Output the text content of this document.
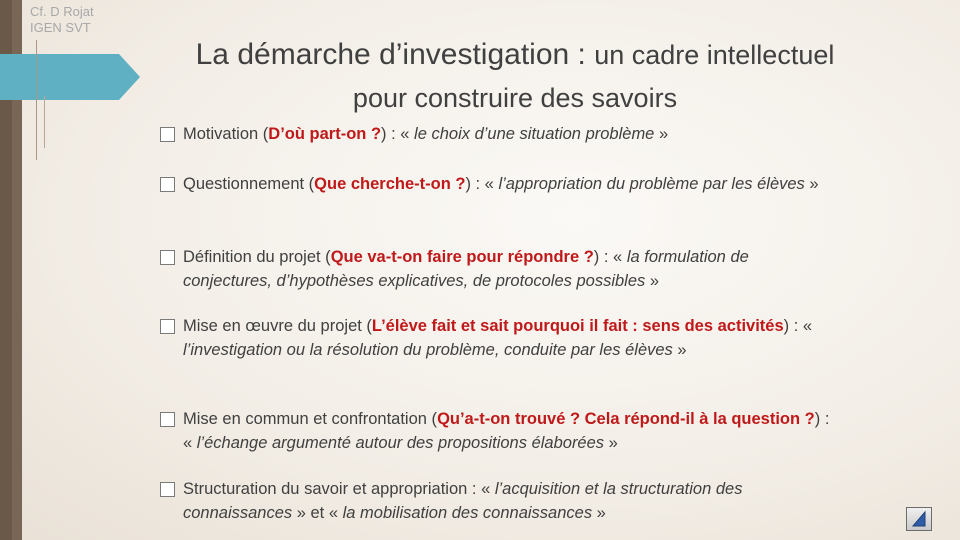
Cf. D Rojat
IGEN SVT
La démarche d’investigation : un cadre intellectuel
pour construire des savoirs
Motivation (D’où part-on ?) : « le choix d’une situation problème »
Questionnement (Que cherche-t-on ?) : « l’appropriation du problème par les élèves »
Définition du projet (Que va-t-on faire pour répondre ?) : « la formulation de conjectures, d’hypothèses explicatives, de protocoles possibles »
Mise en œuvre du projet (L’élève fait et sait pourquoi il fait : sens des activités) : « l’investigation ou la résolution du problème, conduite par les élèves »
Mise en commun et confrontation (Qu’a-t-on trouvé ? Cela répond-il à la question ?) : « l’échange argumenté autour des propositions élaborées »
Structuration du savoir et appropriation : « l’acquisition et la structuration des connaissances » et « la mobilisation des connaissances »
